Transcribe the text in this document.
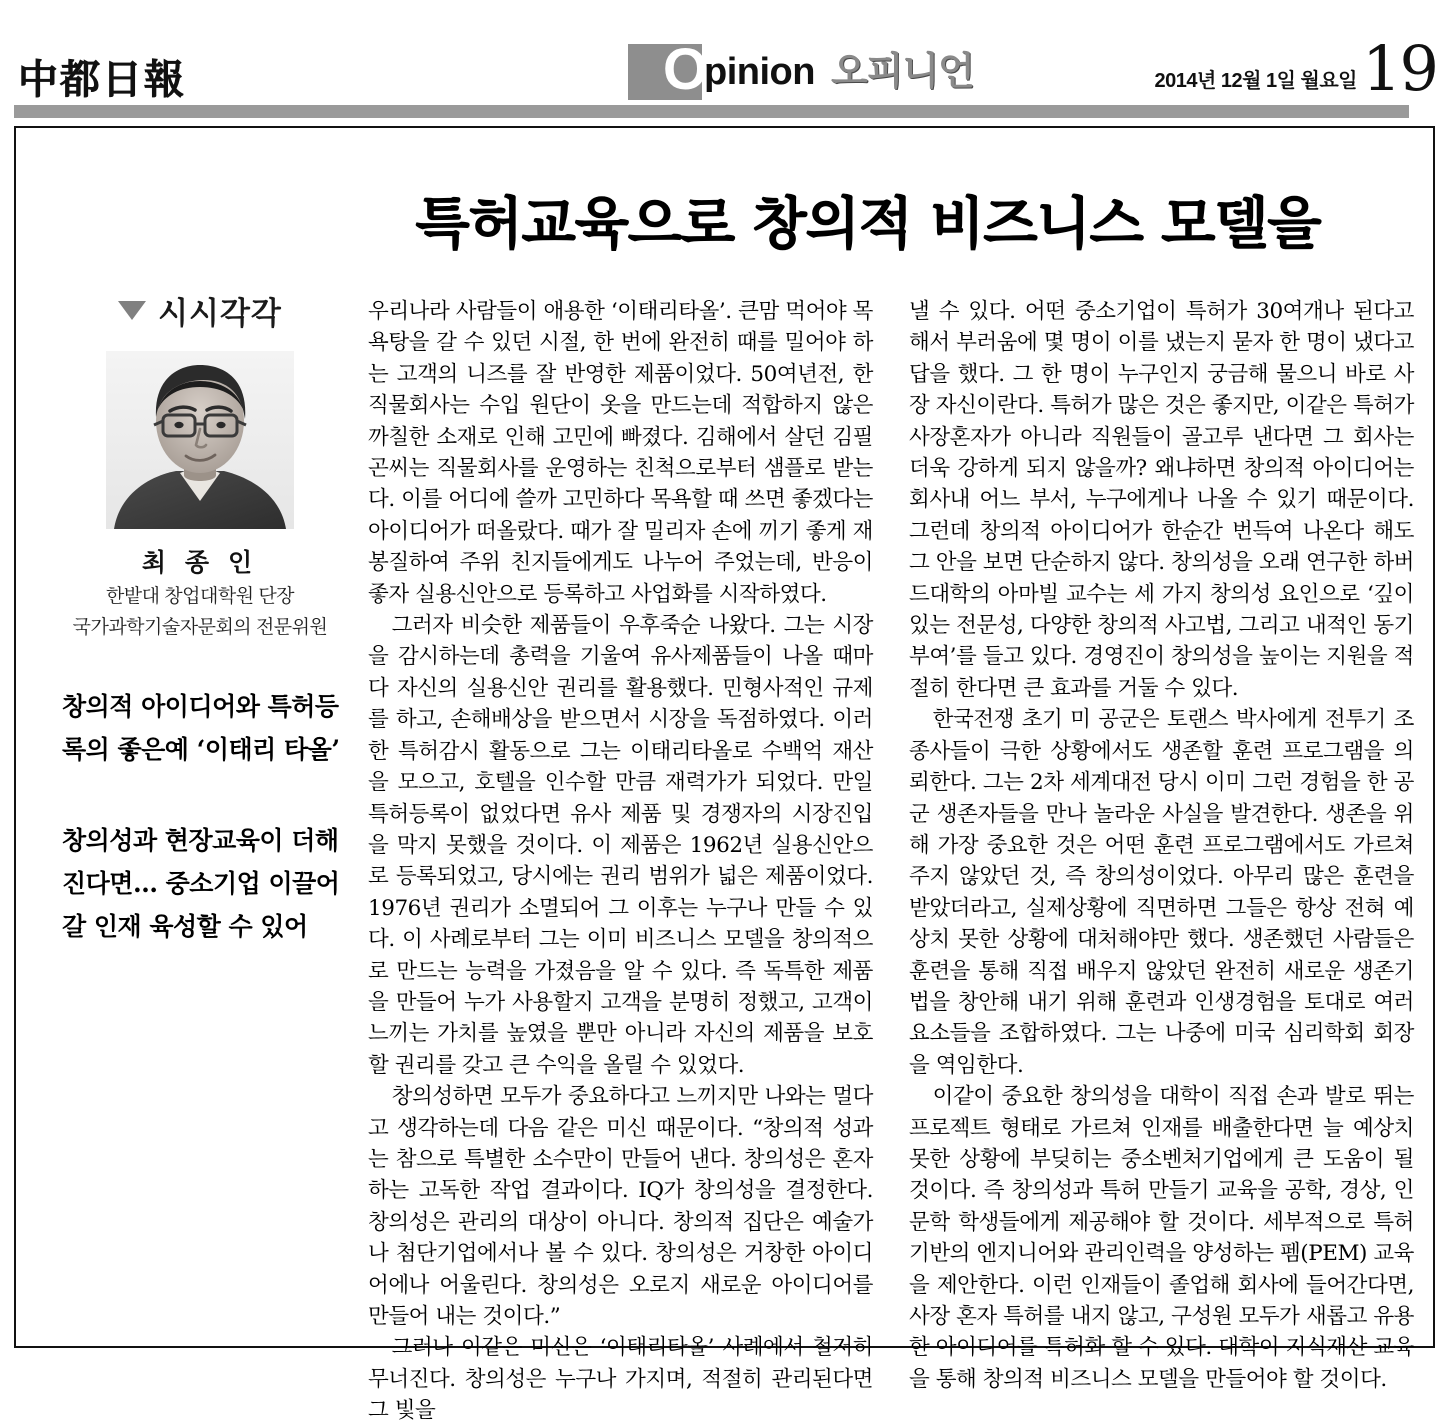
中都日報	O
pinion 오피니언	2014년 12월 1일 월요일 19
특허교육으로 창의적 비즈니스 모델을
시시각각
최 종 인
한밭대 창업대학원 단장
국가과학기술자문회의 전문위원
창의적 아이디어와 특허등록의 좋은예 ‘이태리 타올’
창의성과 현장교육이 더해진다면… 중소기업 이끌어 갈 인재 육성할 수 있어

우리나라 사람들이 애용한 ‘이태리타올’. 큰맘 먹어야 목욕탕을 갈 수 있던 시절, 한 번에 완전히 때를 밀어야 하는 고객의 니즈를 잘 반영한 제품이었다. 50여년전, 한 직물회사는 수입 원단이 옷을 만드는데 적합하지 않은 까칠한 소재로 인해 고민에 빠졌다. 김해에서 살던 김필곤씨는 직물회사를 운영하는 친척으로부터 샘플로 받는다. 이를 어디에 쓸까 고민하다 목욕할 때 쓰면 좋겠다는 아이디어가 떠올랐다. 때가 잘 밀리자 손에 끼기 좋게 재봉질하여 주위 친지들에게도 나누어 주었는데, 반응이 좋자 실용신안으로 등록하고 사업화를 시작하였다.

그러자 비슷한 제품들이 우후죽순 나왔다. 그는 시장을 감시하는데 총력을 기울여 유사제품들이 나올 때마다 자신의 실용신안 권리를 활용했다. 민형사적인 규제를 하고, 손해배상을 받으면서 시장을 독점하였다. 이러한 특허감시 활동으로 그는 이태리타올로 수백억 재산을 모으고, 호텔을 인수할 만큼 재력가가 되었다. 만일 특허등록이 없었다면 유사 제품 및 경쟁자의 시장진입을 막지 못했을 것이다. 이 제품은 1962년 실용신안으로 등록되었고, 당시에는 권리 범위가 넓은 제품이었다. 1976년 권리가 소멸되어 그 이후는 누구나 만들 수 있다. 이 사례로부터 그는 이미 비즈니스 모델을 창의적으로 만드는 능력을 가졌음을 알 수 있다. 즉 독특한 제품을 만들어 누가 사용할지 고객을 분명히 정했고, 고객이 느끼는 가치를 높였을 뿐만 아니라 자신의 제품을 보호할 권리를 갖고 큰 수익을 올릴 수 있었다.

창의성하면 모두가 중요하다고 느끼지만 나와는 멀다고 생각하는데 다음 같은 미신 때문이다. “창의적 성과는 참으로 특별한 소수만이 만들어 낸다. 창의성은 혼자하는 고독한 작업 결과이다. IQ가 창의성을 결정한다. 창의성은 관리의 대상이 아니다. 창의적 집단은 예술가나 첨단기업에서나 볼 수 있다. 창의성은 거창한 아이디어에나 어울린다. 창의성은 오로지 새로운 아이디어를 만들어 내는 것이다.”

그러나 이같은 미신은 ‘이태리타올’ 사례에서 철저히 무너진다. 창의성은 누구나 가지며, 적절히 관리된다면 그 빛을

낼 수 있다. 어떤 중소기업이 특허가 30여개나 된다고 해서 부러움에 몇 명이 이를 냈는지 묻자 한 명이 냈다고 답을 했다. 그 한 명이 누구인지 궁금해 물으니 바로 사장 자신이란다. 특허가 많은 것은 좋지만, 이같은 특허가 사장혼자가 아니라 직원들이 골고루 낸다면 그 회사는 더욱 강하게 되지 않을까? 왜냐하면 창의적 아이디어는 회사내 어느 부서, 누구에게나 나올 수 있기 때문이다. 그런데 창의적 아이디어가 한순간 번득여 나온다 해도 그 안을 보면 단순하지 않다. 창의성을 오래 연구한 하버드대학의 아마빌 교수는 세 가지 창의성 요인으로 ‘깊이있는 전문성, 다양한 창의적 사고법, 그리고 내적인 동기부여’를 들고 있다. 경영진이 창의성을 높이는 지원을 적절히 한다면 큰 효과를 거둘 수 있다.

한국전쟁 초기 미 공군은 토랜스 박사에게 전투기 조종사들이 극한 상황에서도 생존할 훈련 프로그램을 의뢰한다. 그는 2차 세계대전 당시 이미 그런 경험을 한 공군 생존자들을 만나 놀라운 사실을 발견한다. 생존을 위해 가장 중요한 것은 어떤 훈련 프로그램에서도 가르쳐주지 않았던 것, 즉 창의성이었다. 아무리 많은 훈련을 받았더라고, 실제상황에 직면하면 그들은 항상 전혀 예상치 못한 상황에 대처해야만 했다. 생존했던 사람들은 훈련을 통해 직접 배우지 않았던 완전히 새로운 생존기법을 창안해 내기 위해 훈련과 인생경험을 토대로 여러 요소들을 조합하였다. 그는 나중에 미국 심리학회 회장을 역임한다.

이같이 중요한 창의성을 대학이 직접 손과 발로 뛰는 프로젝트 형태로 가르쳐 인재를 배출한다면 늘 예상치 못한 상황에 부딪히는 중소벤처기업에게 큰 도움이 될 것이다. 즉 창의성과 특허 만들기 교육을 공학, 경상, 인문학 학생들에게 제공해야 할 것이다. 세부적으로 특허기반의 엔지니어와 관리인력을 양성하는 펨(PEM) 교육을 제안한다. 이런 인재들이 졸업해 회사에 들어간다면, 사장 혼자 특허를 내지 않고, 구성원 모두가 새롭고 유용한 아이디어를 특허화 할 수 있다. 대학이 지식재산 교육을 통해 창의적 비즈니스 모델을 만들어야 할 것이다.
